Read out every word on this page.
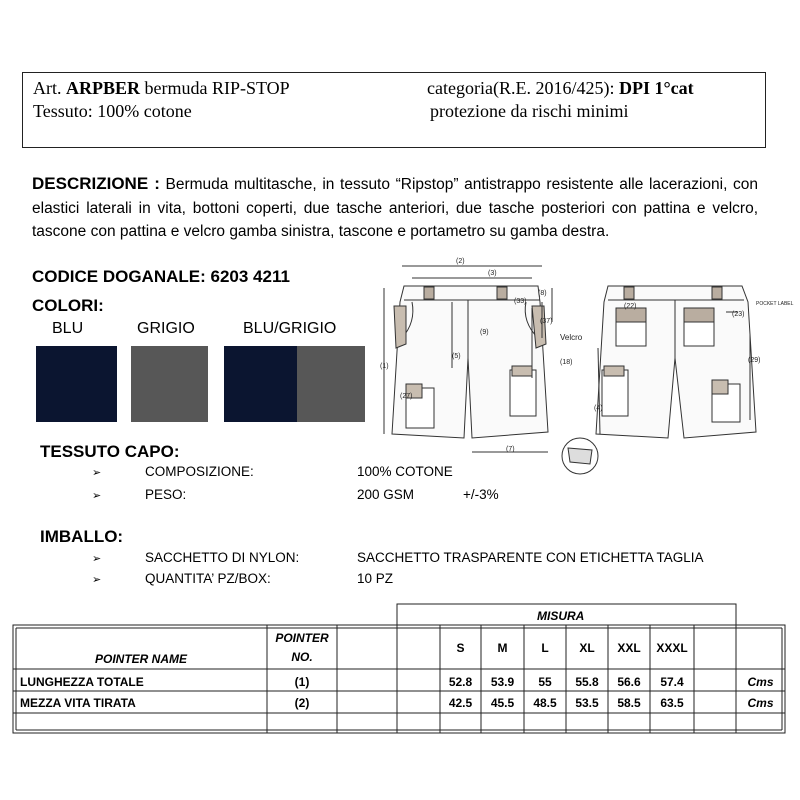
Art. ARPBER bermuda RIP-STOP	categoria(R.E. 2016/425): DPI 1°cat
Tessuto: 100% cotone	protezione da rischi minimi
DESCRIZIONE : Bermuda multitasche, in tessuto “Ripstop” antistrappo resistente alle lacerazioni, con elastici laterali in vita, bottoni coperti, due tasche anteriori, due tasche posteriori con pattina e velcro, tascone con pattina e velcro gamba sinistra, tascone e portametro su gamba destra.
CODICE DOGANALE: 6203 4211
COLORI:
BLU	GRIGIO	BLU/GRIGIO
(2)
(3)
(8)
(33)
(37)
(9)
(5)
(18)
(1)
(27)
(7)
(22)
(23)
(29)
(4)
Velcro
POCKET LABEL
TESSUTO CAPO:
➢	COMPOSIZIONE:	100% COTONE
➢	PESO:	200 GSM	+/-3%
IMBALLO:
➢	SACCHETTO DI NYLON:	SACCHETTO TRASPARENTE CON ETICHETTA TAGLIA
➢	QUANTITA’ PZ/BOX:	10 PZ
MISURA
POINTER NAME
POINTER
NO.
S	M	L	XL	XXL	XXXL
LUNGHEZZA TOTALE	(1)	52.8	53.9	55	55.8	56.6	57.4	Cms
MEZZA VITA TIRATA	(2)	42.5	45.5	48.5	53.5	58.5	63.5	Cms
